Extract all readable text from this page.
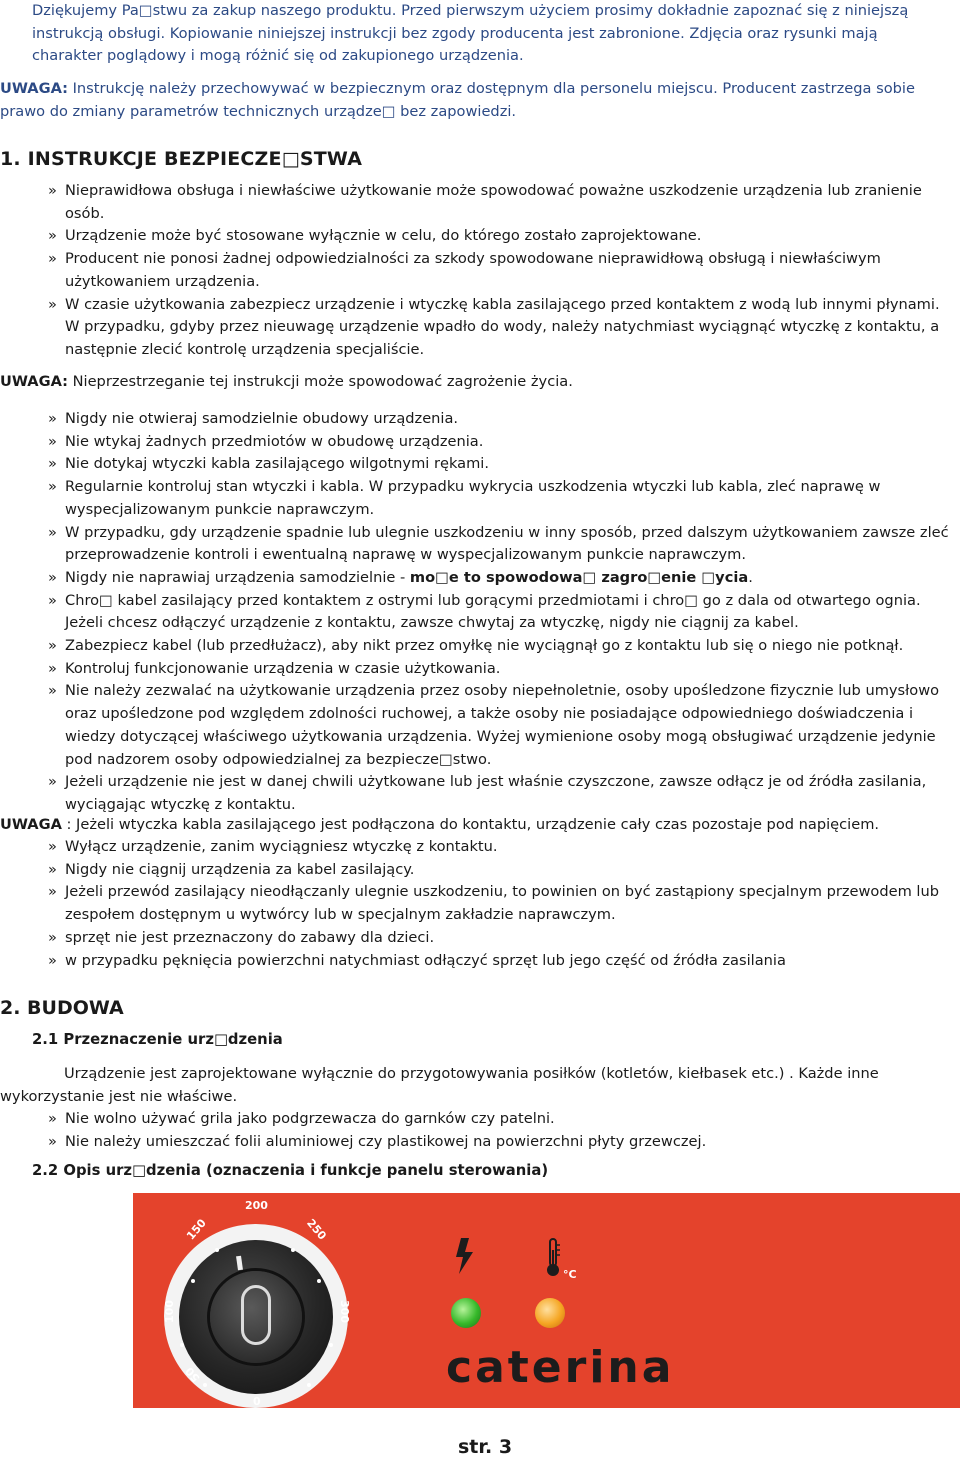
Dziękujemy Pa□stwu za zakup naszego produktu. Przed pierwszym użyciem prosimy dokładnie zapoznać się z niniejszą instrukcją obsługi. Kopiowanie niniejszej instrukcji bez zgody producenta jest zabronione. Zdjęcia oraz rysunki mają charakter poglądowy i mogą różnić się od zakupionego urządzenia.

UWAGA: Instrukcję należy przechowywać w bezpiecznym oraz dostępnym dla personelu miejscu. Producent zastrzega sobie prawo do zmiany parametrów technicznych urządze□ bez zapowiedzi.

1. INSTRUKCJE BEZPIECZE□STWA
» Nieprawidłowa obsługa i niewłaściwe użytkowanie może spowodować poważne uszkodzenie urządzenia lub zranienie osób.
» Urządzenie może być stosowane wyłącznie w celu, do którego zostało zaprojektowane.
» Producent nie ponosi żadnej odpowiedzialności za szkody spowodowane nieprawidłową obsługą i niewłaściwym użytkowaniem urządzenia.
» W czasie użytkowania zabezpiecz urządzenie i wtyczkę kabla zasilającego przed kontaktem z wodą lub innymi płynami. W przypadku, gdyby przez nieuwagę urządzenie wpadło do wody, należy natychmiast wyciągnąć wtyczkę z kontaktu, a następnie zlecić kontrolę urządzenia specjaliście.

UWAGA: Nieprzestrzeganie tej instrukcji może spowodować zagrożenie życia.

» Nigdy nie otwieraj samodzielnie obudowy urządzenia.
» Nie wtykaj żadnych przedmiotów w obudowę urządzenia.
» Nie dotykaj wtyczki kabla zasilającego wilgotnymi rękami.
» Regularnie kontroluj stan wtyczki i kabla. W przypadku wykrycia uszkodzenia wtyczki lub kabla, zleć naprawę w wyspecjalizowanym punkcie naprawczym.
» W przypadku, gdy urządzenie spadnie lub ulegnie uszkodzeniu w inny sposób, przed dalszym użytkowaniem zawsze zleć przeprowadzenie kontroli i ewentualną naprawę w wyspecjalizowanym punkcie naprawczym.
» Nigdy nie naprawiaj urządzenia samodzielnie - mo□e to spowodowa□ zagro□enie □ycia.
» Chro□ kabel zasilający przed kontaktem z ostrymi lub gorącymi przedmiotami i chro□ go z dala od otwartego ognia. Jeżeli chcesz odłączyć urządzenie z kontaktu, zawsze chwytaj za wtyczkę, nigdy nie ciągnij za kabel.
» Zabezpiecz kabel (lub przedłużacz), aby nikt przez omyłkę nie wyciągnął go z kontaktu lub się o niego nie potknął.
» Kontroluj funkcjonowanie urządzenia w czasie użytkowania.
» Nie należy zezwalać na użytkowanie urządzenia przez osoby niepełnoletnie, osoby upośledzone fizycznie lub umysłowo oraz upośledzone pod względem zdolności ruchowej, a także osoby nie posiadające odpowiedniego doświadczenia i wiedzy dotyczącej właściwego użytkowania urządzenia. Wyżej wymienione osoby mogą obsługiwać urządzenie jedynie pod nadzorem osoby odpowiedzialnej za bezpiecze□stwo.
» Jeżeli urządzenie nie jest w danej chwili użytkowane lub jest właśnie czyszczone, zawsze odłącz je od źródła zasilania, wyciągając wtyczkę z kontaktu.

UWAGA : Jeżeli wtyczka kabla zasilającego jest podłączona do kontaktu, urządzenie cały czas pozostaje pod napięciem.

» Wyłącz urządzenie, zanim wyciągniesz wtyczkę z kontaktu.
» Nigdy nie ciągnij urządzenia za kabel zasilający.
» Jeżeli przewód zasilający nieodłączanly ulegnie uszkodzeniu, to powinien on być zastąpiony specjalnym przewodem lub zespołem dostępnym u wytwórcy lub w specjalnym zakładzie naprawczym.
» sprzęt nie jest przeznaczony do zabawy dla dzieci.
» w przypadku pęknięcia powierzchni natychmiast odłączyć sprzęt lub jego część od źródła zasilania
2. BUDOWA
2.1 Przeznaczenie urz□dzenia

Urządzenie jest zaprojektowane wyłącznie do przygotowywania posiłków (kotletów, kiełbasek etc.) . Każde inne wykorzystanie jest nie właściwe.

» Nie wolno używać grila jako podgrzewacza do garnków czy patelni.
» Nie należy umieszczać folii aluminiowej czy plastikowej na powierzchni płyty grzewczej.
2.2 Opis urz□dzenia (oznaczenia i funkcje panelu sterowania)
200
150	250
100	300
50
0
°C
caterina
str. 3
